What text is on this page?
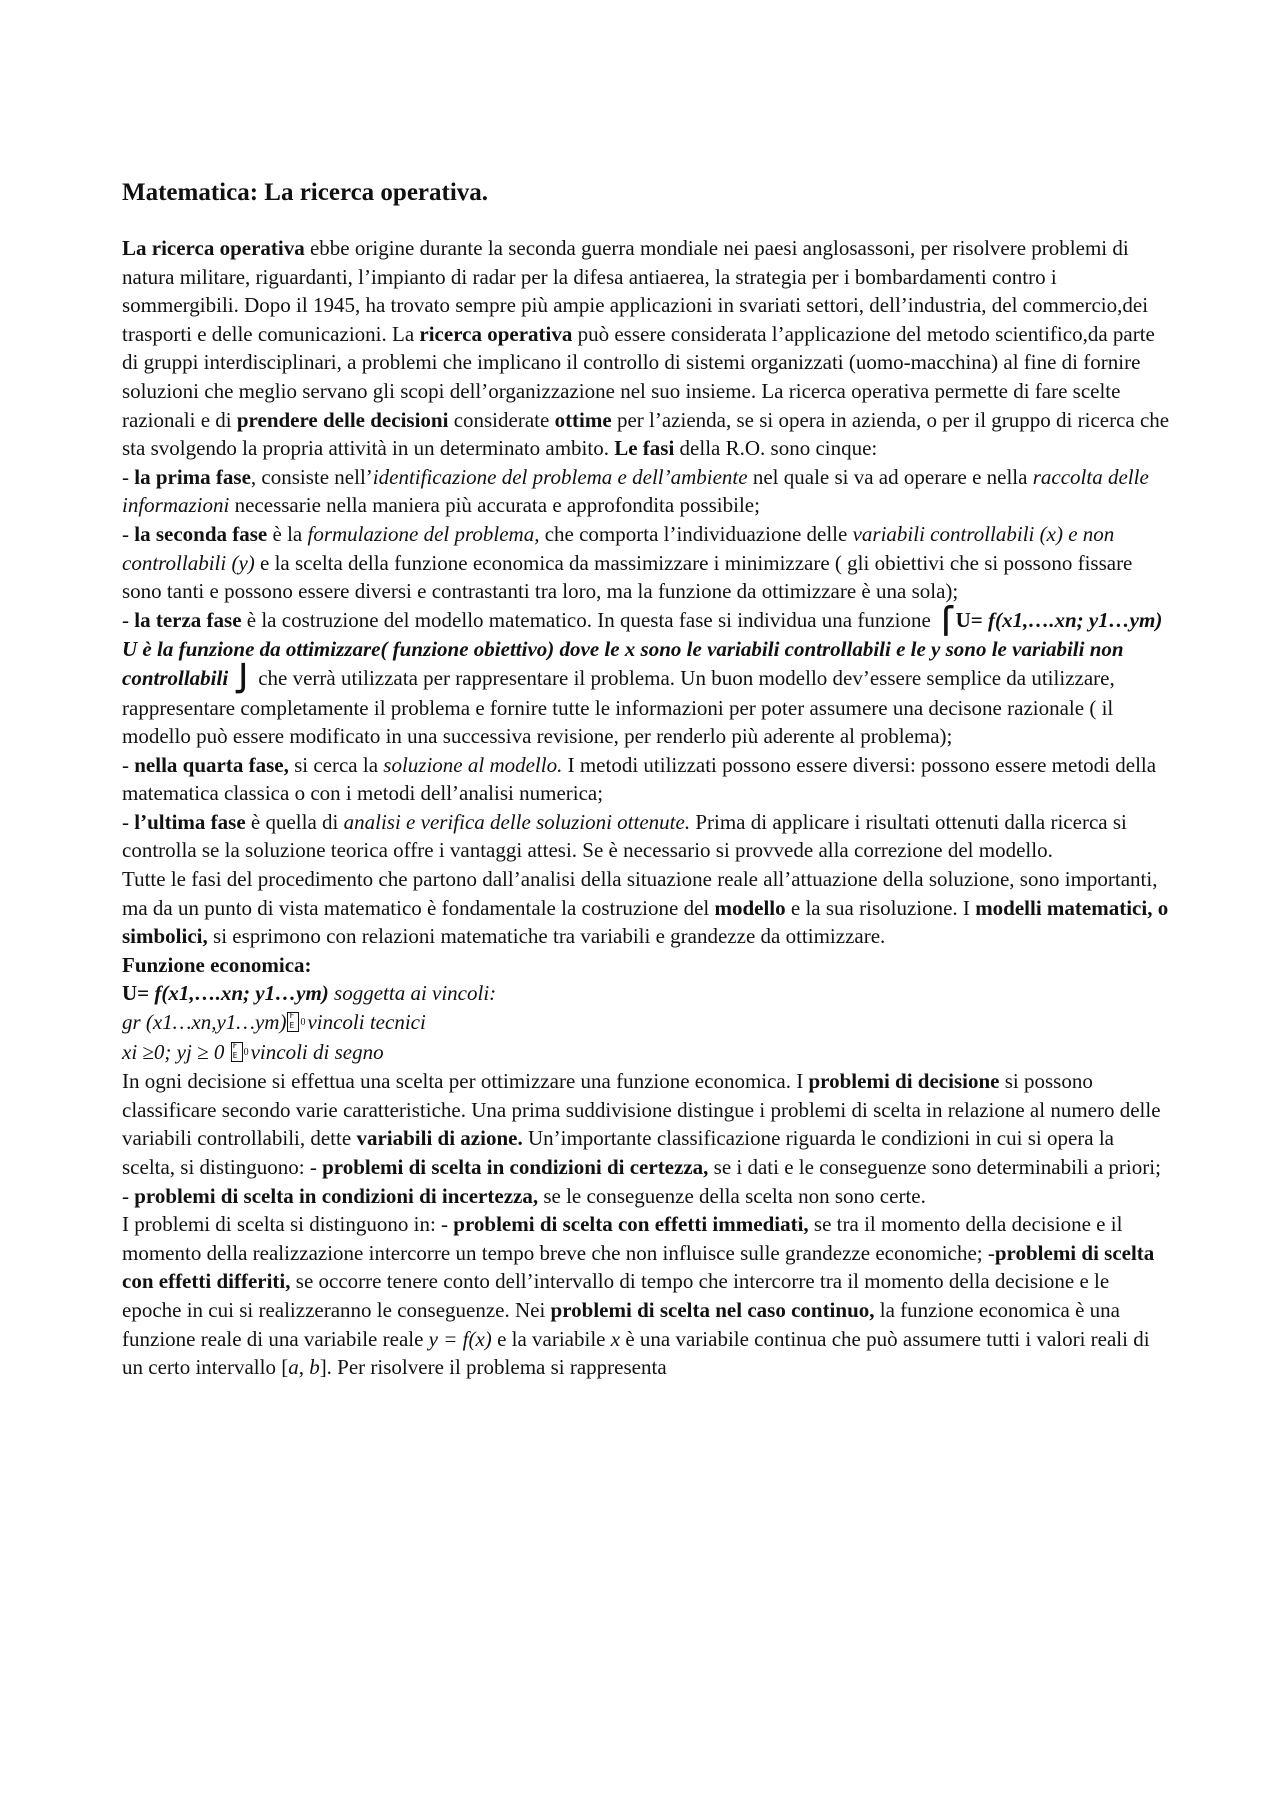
Matematica: La ricerca operativa.

La ricerca operativa ebbe origine durante la seconda guerra mondiale nei paesi anglosassoni, per risolvere problemi di natura militare, riguardanti, l’impianto di radar per la difesa antiaerea, la strategia per i bombardamenti contro i sommergibili. Dopo il 1945, ha trovato sempre più ampie applicazioni in svariati settori, dell’industria, del commercio,dei trasporti e delle comunicazioni. La ricerca operativa può essere considerata l’applicazione del metodo scientifico,da parte di gruppi interdisciplinari, a problemi che implicano il controllo di sistemi organizzati (uomo-macchina) al fine di fornire soluzioni che meglio servano gli scopi dell’organizzazione nel suo insieme. La ricerca operativa permette di fare scelte razionali e di prendere delle decisioni considerate ottime per l’azienda, se si opera in azienda, o per il gruppo di ricerca che sta svolgendo la propria attività in un determinato ambito. Le fasi della R.O. sono cinque:

- la prima fase, consiste nell’identificazione del problema e dell’ambiente nel quale si va ad operare e nella raccolta delle informazioni necessarie nella maniera più accurata e approfondita possibile;

- la seconda fase è la formulazione del problema, che comporta l’individuazione delle variabili controllabili (x) e non controllabili (y) e la scelta della funzione economica da massimizzare i minimizzare ( gli obiettivi che si possono fissare sono tanti e possono essere diversi e contrastanti tra loro, ma la funzione da ottimizzare è una sola);

- la terza fase è la costruzione del modello matematico. In questa fase si individua una funzione ⎧U= f(x1,….xn; y1…ym) U è la funzione da ottimizzare( funzione obiettivo) dove le x sono le variabili controllabili e le y sono le variabili non controllabili ⎭ che verrà utilizzata per rappresentare il problema. Un buon modello dev’essere semplice da utilizzare, rappresentare completamente il problema e fornire tutte le informazioni per poter assumere una decisone razionale ( il modello può essere modificato in una successiva revisione, per renderlo più aderente al problema);

- nella quarta fase, si cerca la soluzione al modello. I metodi utilizzati possono essere diversi: possono essere metodi della matematica classica o con i metodi dell’analisi numerica;

- l’ultima fase è quella di analisi e verifica delle soluzioni ottenute. Prima di applicare i risultati ottenuti dalla ricerca si controlla se la soluzione teorica offre i vantaggi attesi. Se è necessario si provvede alla correzione del modello.

Tutte le fasi del procedimento che partono dall’analisi della situazione reale all’attuazione della soluzione, sono importanti, ma da un punto di vista matematico è fondamentale la costruzione del modello e la sua risoluzione. I modelli matematici, o simbolici, si esprimono con relazioni matematiche tra variabili e grandezze da ottimizzare.

Funzione economica:

U= f(x1,….xn; y1…ym) soggetta ai vincoli:

gr (x1…xn,y1…ym)F E 0vincoli tecnici

xi ≥0; yj ≥ 0 F E0vincoli di segno

In ogni decisione si effettua una scelta per ottimizzare una funzione economica. I problemi di decisione si possono classificare secondo varie caratteristiche. Una prima suddivisione distingue i problemi di scelta in relazione al numero delle variabili controllabili, dette variabili di azione. Un’importante classificazione riguarda le condizioni in cui si opera la scelta, si distinguono: - problemi di scelta in condizioni di certezza, se i dati e le conseguenze sono determinabili a priori; - problemi di scelta in condizioni di incertezza, se le conseguenze della scelta non sono certe.

I problemi di scelta si distinguono in: - problemi di scelta con effetti immediati, se tra il momento della decisione e il momento della realizzazione intercorre un tempo breve che non influisce sulle grandezze economiche; -problemi di scelta con effetti differiti, se occorre tenere conto dell’intervallo di tempo che intercorre tra il momento della decisione e le epoche in cui si realizzeranno le conseguenze. Nei problemi di scelta nel caso continuo, la funzione economica è una funzione reale di una variabile reale y = f(x) e la variabile x è una variabile continua che può assumere tutti i valori reali di un certo intervallo [a, b]. Per risolvere il problema si rappresenta
